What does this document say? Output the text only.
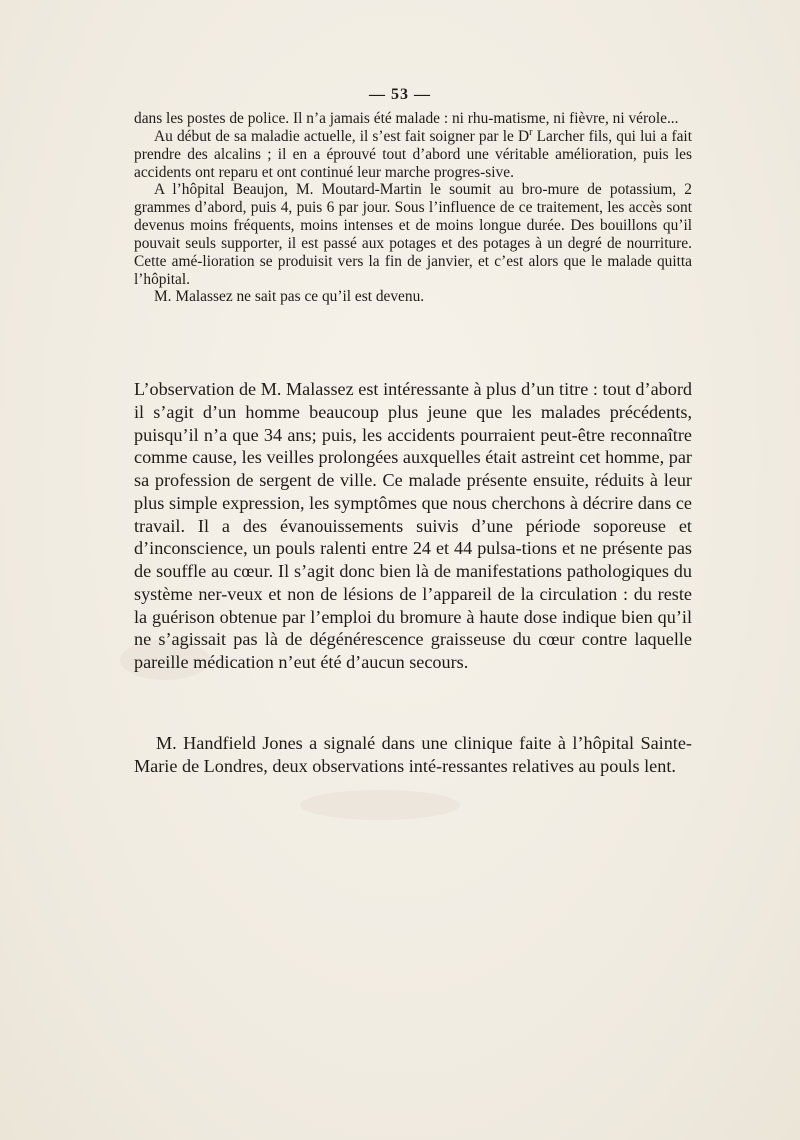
— 53 —

dans les postes de police. Il n’a jamais été malade : ni rhu-matisme, ni fièvre, ni vérole...

Au début de sa maladie actuelle, il s’est fait soigner par le $D^r$ Larcher fils, qui lui a fait prendre des alcalins ; il en a éprouvé tout d’abord une véritable amélioration, puis les accidents ont reparu et ont continué leur marche progres-sive.

A l’hôpital Beaujon, M. Moutard-Martin le soumit au bro-mure de potassium, 2 grammes d’abord, puis 4, puis 6 par jour. Sous l’influence de ce traitement, les accès sont devenus moins fréquents, moins intenses et de moins longue durée. Des bouillons qu’il pouvait seuls supporter, il est passé aux potages et des potages à un degré de nourriture. Cette amé-lioration se produisit vers la fin de janvier, et c’est alors que le malade quitta l’hôpital.

M. Malassez ne sait pas ce qu’il est devenu.

L’observation de M. Malassez est intéressante à plus d’un titre : tout d’abord il s’agit d’un homme beaucoup plus jeune que les malades précédents, puisqu’il n’a que 34 ans; puis, les accidents pourraient peut-être reconnaître comme cause, les veilles prolongées auxquelles était astreint cet homme, par sa profession de sergent de ville. Ce malade présente ensuite, réduits à leur plus simple expression, les symptômes que nous cherchons à décrire dans ce travail. Il a des évanouissements suivis d’une période soporeuse et d’inconscience, un pouls ralenti entre 24 et 44 pulsa-tions et ne présente pas de souffle au cœur. Il s’agit donc bien là de manifestations pathologiques du système ner-veux et non de lésions de l’appareil de la circulation : du reste la guérison obtenue par l’emploi du bromure à haute dose indique bien qu’il ne s’agissait pas là de dégénérescence graisseuse du cœur contre laquelle pareille médication n’eut été d’aucun secours.

M. Handfield Jones a signalé dans une clinique faite à l’hôpital Sainte-Marie de Londres, deux observations inté-ressantes relatives au pouls lent.
